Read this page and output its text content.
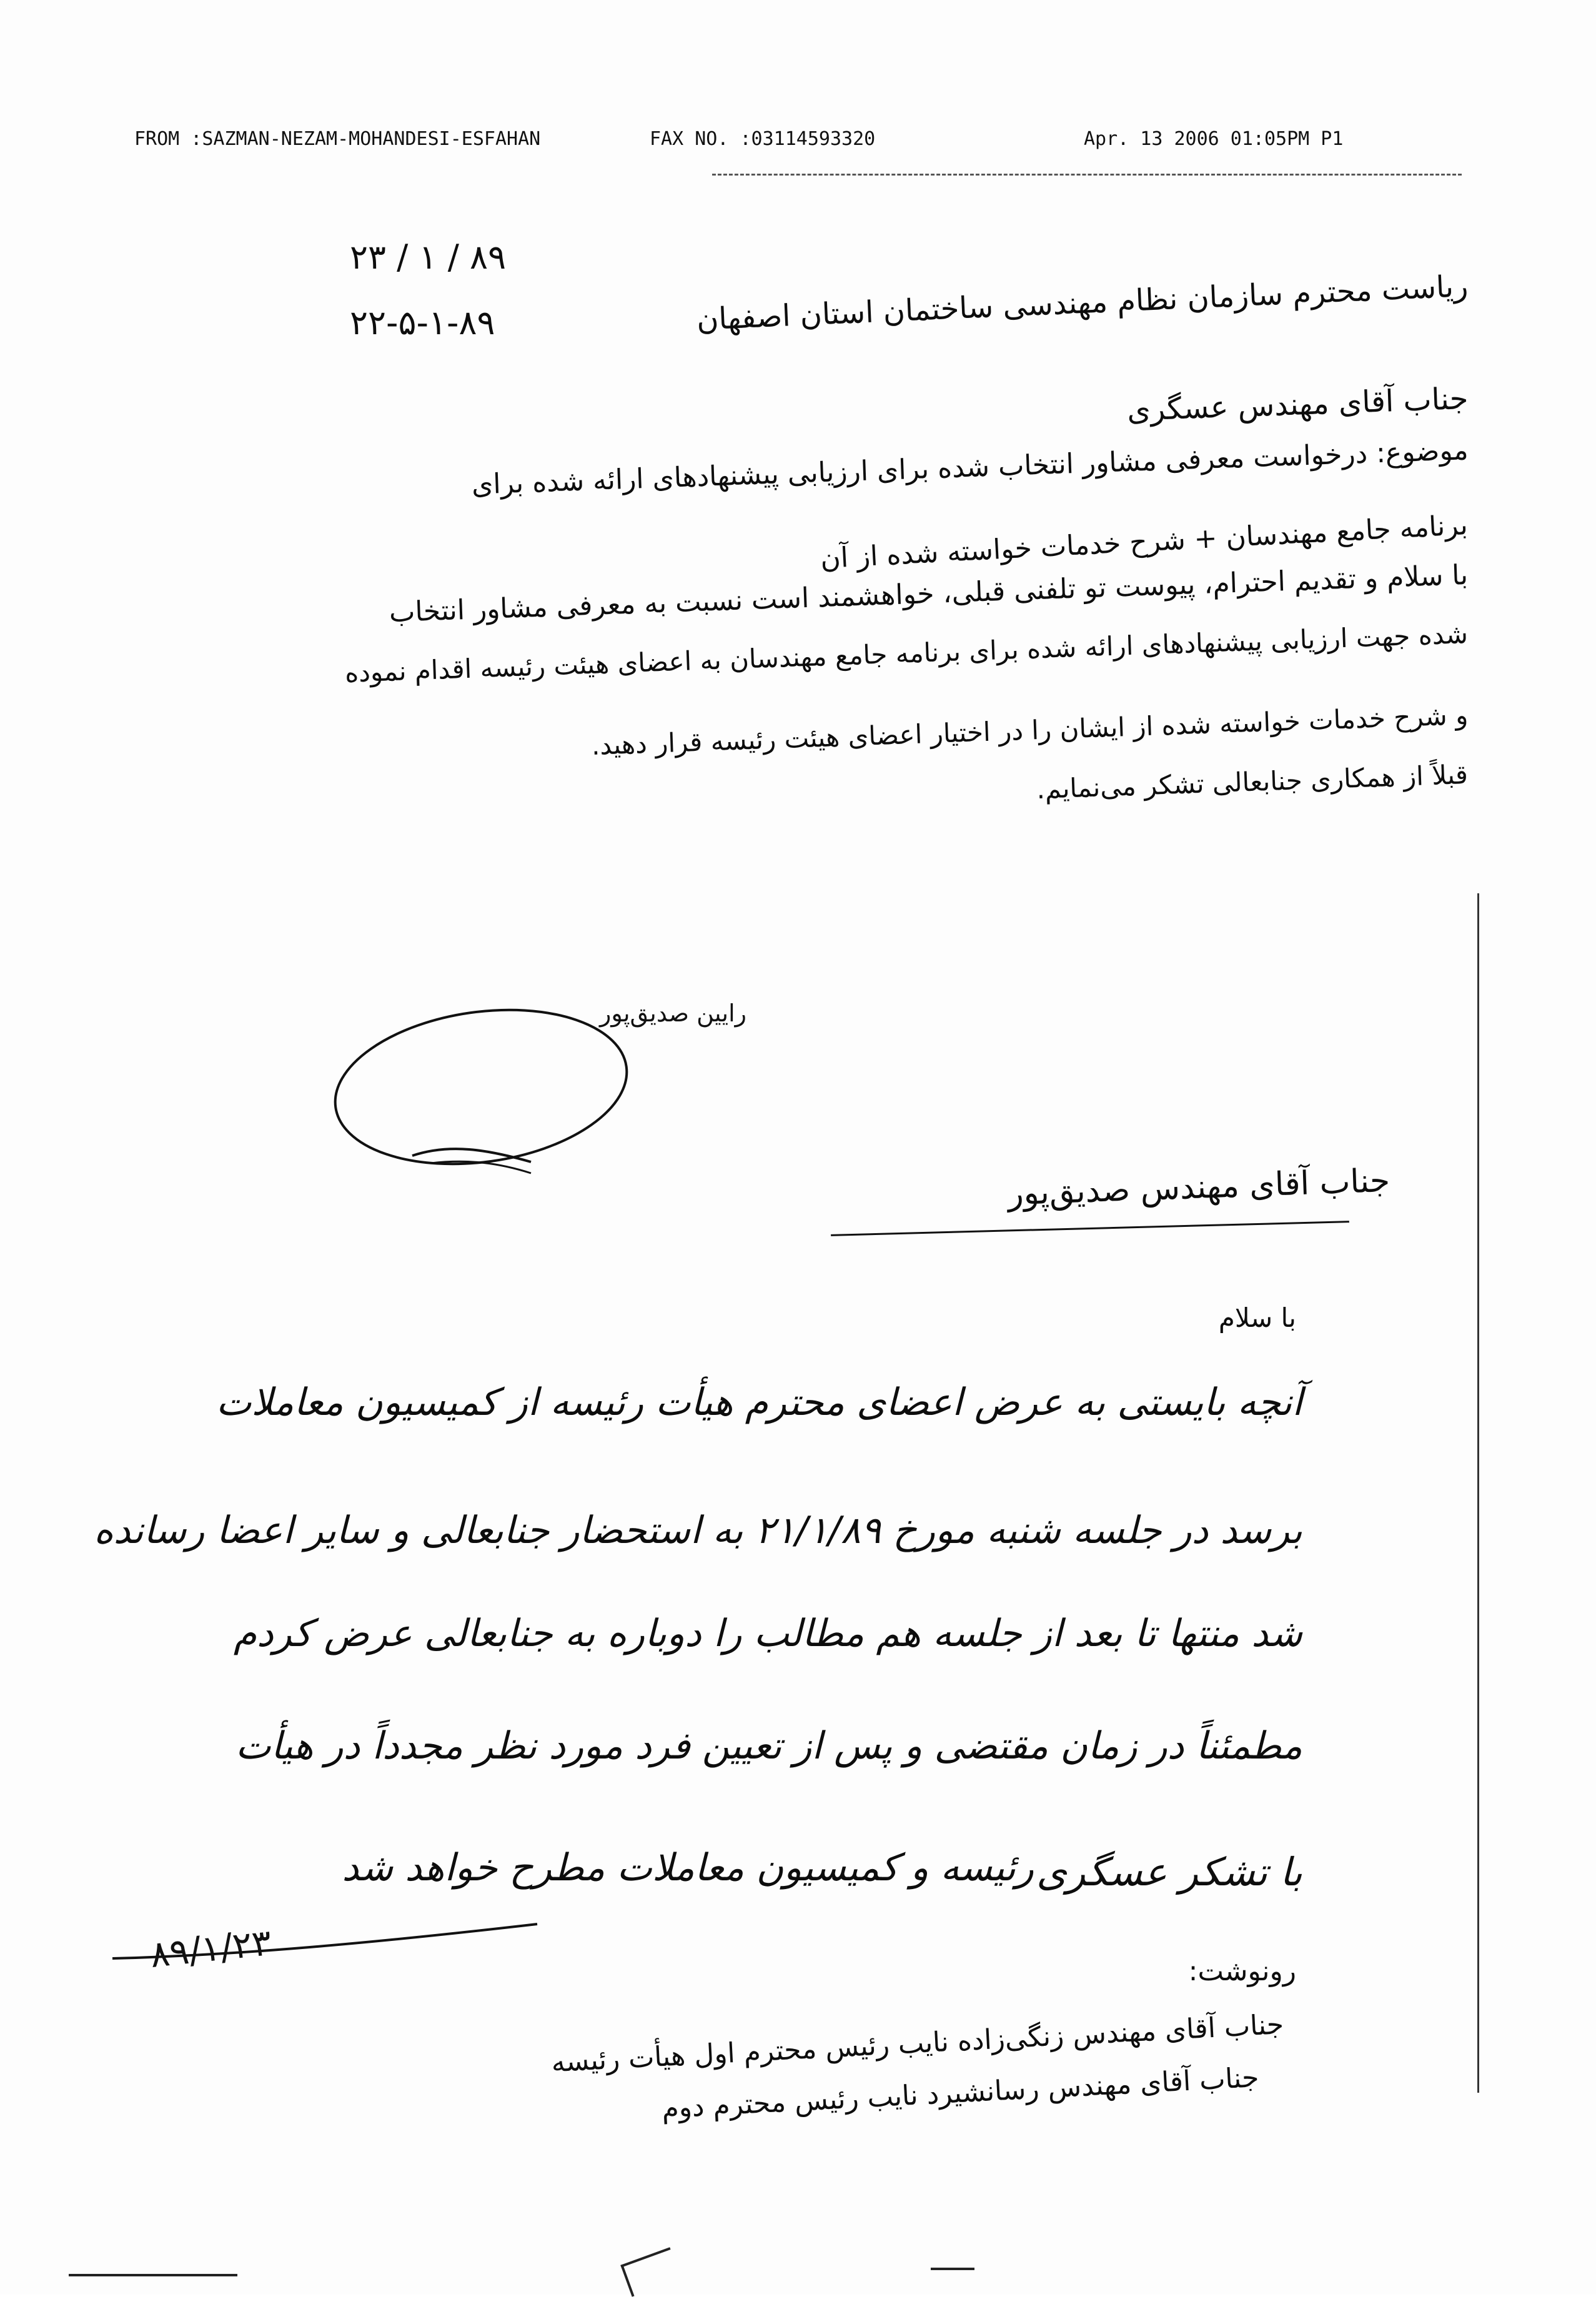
FROM :SAZMAN-NEZAM-MOHANDESI-ESFAHAN	FAX NO. :03114593320	Apr. 13 2006 01:05PM P1
۲۳ / ۱ / ۸۹
۲۲-۵-۱-۸۹	ریاست محترم سازمان نظام مهندسی ساختمان استان اصفهان
جناب آقای مهندس عسگری
موضوع: درخواست معرفی مشاور انتخاب شده برای ارزیابی پیشنهادهای ارائه شده برای
برنامه جامع مهندسان + شرح خدمات خواسته شده از آن
با سلام و تقدیم احترام، پیوست تو تلفنی قبلی، خواهشمند است نسبت به معرفی مشاور انتخاب
شده جهت ارزیابی پیشنهادهای ارائه شده برای برنامه جامع مهندسان به اعضای هیئت رئیسه اقدام نموده
و شرح خدمات خواسته شده از ایشان را در اختیار اعضای هیئت رئیسه قرار دهید.
قبلاً از همکاری جنابعالی تشکر می‌نمایم.
رایین صدیق‌پور
جناب آقای مهندس صدیق‌پور
با سلام
آنچه بایستی به عرض اعضای محترم هیأت رئیسه از کمیسیون معاملات
برسد در جلسه شنبه مورخ ۲۱/۱/۸۹ به استحضار جنابعالی و سایر اعضا رسانده
شد منتها تا بعد از جلسه هم مطالب را دوباره به جنابعالی عرض کردم
مطمئناً در زمان مقتضی و پس از تعیین فرد مورد نظر مجدداً در هیأت
رئیسه و کمیسیون معاملات مطرح خواهد شد با تشکر عسگری
۸۹/۱/۲۳	رونوشت:
جناب آقای مهندس زنگی‌زاده نایب رئیس محترم اول هیأت رئیسه
جناب آقای مهندس رسانشیرد نایب رئیس محترم دوم
